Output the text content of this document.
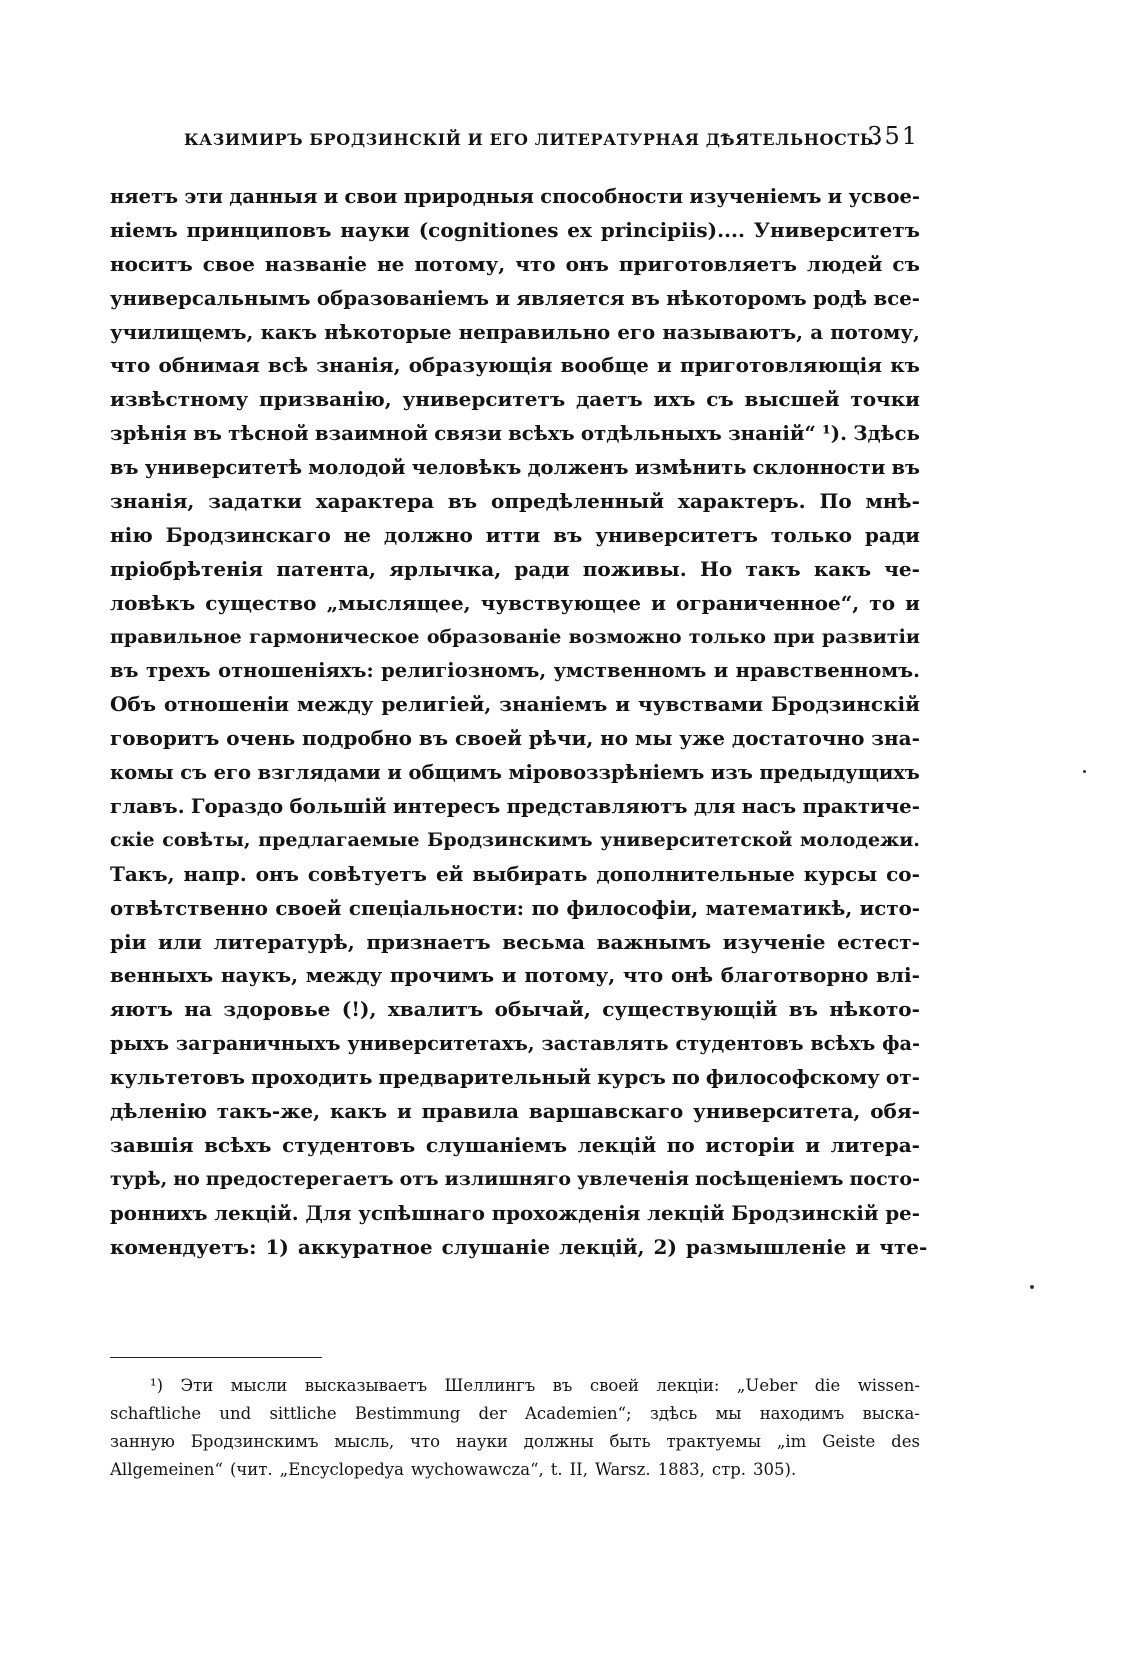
КАЗИМИРЪ БРОДЗИНСКІЙ И ЕГО ЛИТЕРАТУРНАЯ ДѢЯТЕЛЬНОСТЬ.
351
няетъ эти данныя и свои природныя способности изученіемъ и усвое-
ніемъ принциповъ науки (cognitiones ex principiis).... Университетъ
носитъ свое названіе не потому, что онъ приготовляетъ людей съ
универсальнымъ образованіемъ и является въ нѣкоторомъ родѣ все-
училищемъ, какъ нѣкоторые неправильно его называютъ, а потому,
что обнимая всѣ знанія, образующія вообще и приготовляющія къ
извѣстному призванію, университетъ даетъ ихъ съ высшей точки
зрѣнія въ тѣсной взаимной связи всѣхъ отдѣльныхъ знаній“ ¹). Здѣсь
въ университетѣ молодой человѣкъ долженъ измѣнить склонности въ
знанія, задатки характера въ опредѣленный характеръ. По мнѣ-
нію Бродзинскаго не должно итти въ университетъ только ради
пріобрѣтенія патента, ярлычка, ради поживы. Но такъ какъ че-
ловѣкъ существо „мыслящее, чувствующее и ограниченное“, то и
правильное гармоническое образованіе возможно только при развитіи
въ трехъ отношеніяхъ: религіозномъ, умственномъ и нравственномъ.
Объ отношеніи между религіей, знаніемъ и чувствами Бродзинскій
говоритъ очень подробно въ своей рѣчи, но мы уже достаточно зна-
комы съ его взглядами и общимъ міровоззрѣніемъ изъ предыдущихъ
главъ. Гораздо большій интересъ представляютъ для насъ практиче-
скіе совѣты, предлагаемые Бродзинскимъ университетской молодежи.
Такъ, напр. онъ совѣтуетъ ей выбирать дополнительные курсы со-
отвѣтственно своей спеціальности: по философіи, математикѣ, исто-
ріи или литературѣ, признаетъ весьма важнымъ изученіе естест-
венныхъ наукъ, между прочимъ и потому, что онѣ благотворно влі-
яютъ на здоровье (!), хвалитъ обычай, существующій въ нѣкото-
рыхъ заграничныхъ университетахъ, заставлять студентовъ всѣхъ фа-
культетовъ проходить предварительный курсъ по философскому от-
дѣленію такъ-же, какъ и правила варшавскаго университета, обя-
завшія всѣхъ студентовъ слушаніемъ лекцій по исторіи и литера-
турѣ, но предостерегаетъ отъ излишняго увлеченія посѣщеніемъ посто-
роннихъ лекцій. Для успѣшнаго прохожденія лекцій Бродзинскій ре-
комендуетъ: 1) аккуратное слушаніе лекцій, 2) размышленіе и чте-
¹) Эти мысли высказываетъ Шеллингъ въ своей лекціи: „Ueber die wissen-
schaftliche und sittliche Bestimmung der Academien“; здѣсь мы находимъ выска-
занную Бродзинскимъ мысль, что науки должны быть трактуемы „im Geiste des
Allgemeinen“ (чит. „Encyclopedya wychowawcza“, t. II, Warsz. 1883, стр. 305).
